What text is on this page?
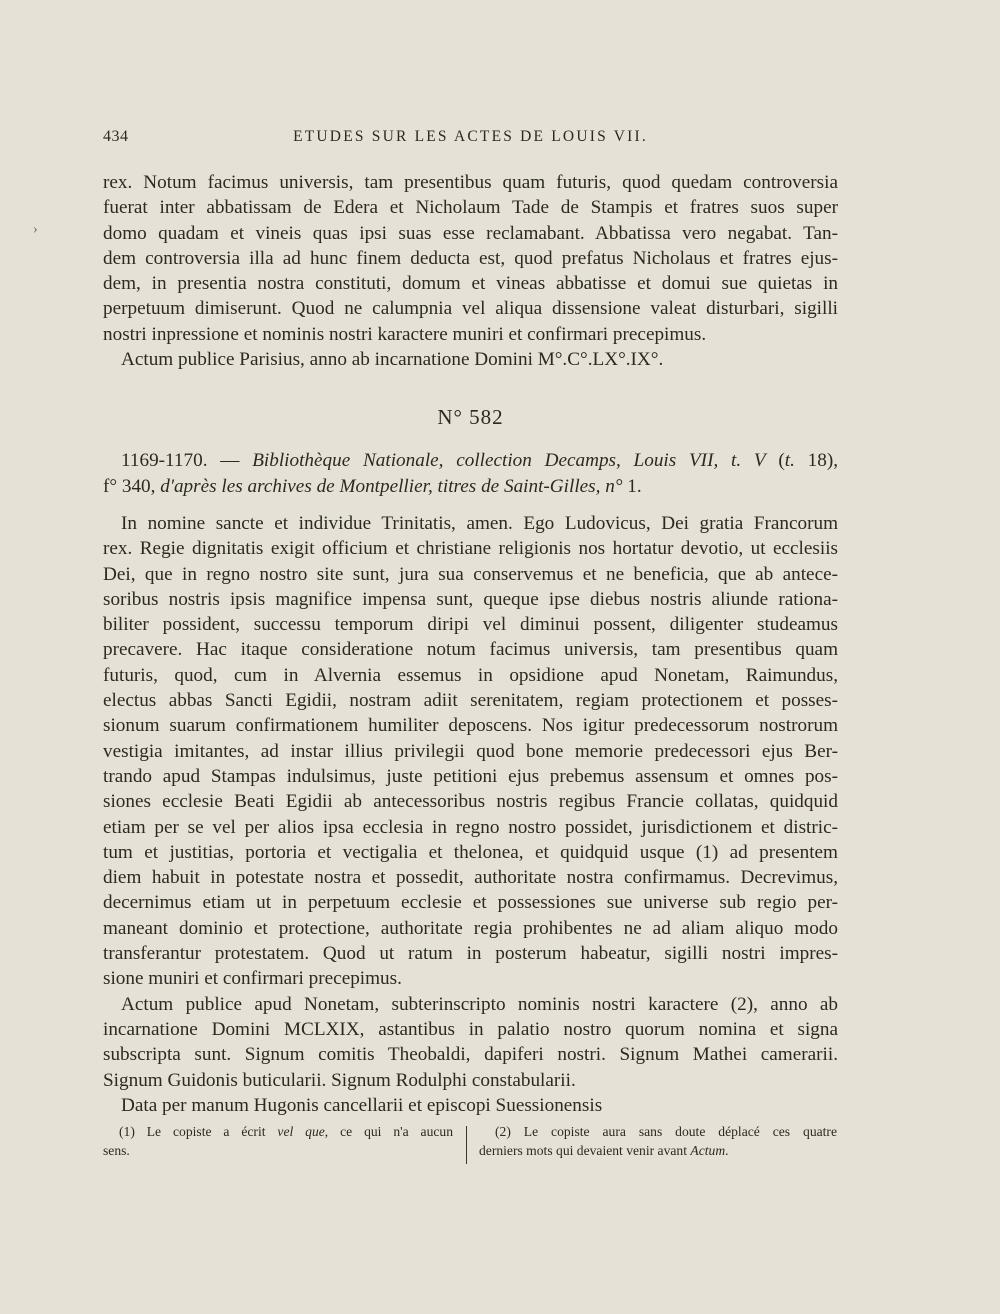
›
434	ETUDES SUR LES ACTES DE LOUIS VII.
rex. Notum facimus universis, tam presentibus quam futuris, quod quedam controversia
fuerat inter abbatissam de Edera et Nicholaum Tade de Stampis et fratres suos super
domo quadam et vineis quas ipsi suas esse reclamabant. Abbatissa vero negabat. Tan-
dem controversia illa ad hunc finem deducta est, quod prefatus Nicholaus et fratres ejus-
dem, in presentia nostra constituti, domum et vineas abbatisse et domui sue quietas in
perpetuum dimiserunt. Quod ne calumpnia vel aliqua dissensione valeat disturbari, sigilli
nostri inpressione et nominis nostri karactere muniri et confirmari precepimus.
Actum publice Parisius, anno ab incarnatione Domini M°.C°.LX°.IX°.
N° 582
1169-1170. — Bibliothèque Nationale, collection Decamps, Louis VII, t. V (t. 18),
f° 340, d'après les archives de Montpellier, titres de Saint-Gilles, n° 1.
In nomine sancte et individue Trinitatis, amen. Ego Ludovicus, Dei gratia Francorum
rex. Regie dignitatis exigit officium et christiane religionis nos hortatur devotio, ut ecclesiis
Dei, que in regno nostro site sunt, jura sua conservemus et ne beneficia, que ab antece-
soribus nostris ipsis magnifice impensa sunt, queque ipse diebus nostris aliunde rationa-
biliter possident, successu temporum diripi vel diminui possent, diligenter studeamus
precavere. Hac itaque consideratione notum facimus universis, tam presentibus quam
futuris, quod, cum in Alvernia essemus in opsidione apud Nonetam, Raimundus,
electus abbas Sancti Egidii, nostram adiit serenitatem, regiam protectionem et posses-
sionum suarum confirmationem humiliter deposcens. Nos igitur predecessorum nostrorum
vestigia imitantes, ad instar illius privilegii quod bone memorie predecessori ejus Ber-
trando apud Stampas indulsimus, juste petitioni ejus prebemus assensum et omnes pos-
siones ecclesie Beati Egidii ab antecessoribus nostris regibus Francie collatas, quidquid
etiam per se vel per alios ipsa ecclesia in regno nostro possidet, jurisdictionem et distric-
tum et justitias, portoria et vectigalia et thelonea, et quidquid usque (1) ad presentem
diem habuit in potestate nostra et possedit, authoritate nostra confirmamus. Decrevimus,
decernimus etiam ut in perpetuum ecclesie et possessiones sue universe sub regio per-
maneant dominio et protectione, authoritate regia prohibentes ne ad aliam aliquo modo
transferantur protestatem. Quod ut ratum in posterum habeatur, sigilli nostri impres-
sione muniri et confirmari precepimus.
Actum publice apud Nonetam, subterinscripto nominis nostri karactere (2), anno ab
incarnatione Domini MCLXIX, astantibus in palatio nostro quorum nomina et signa
subscripta sunt. Signum comitis Theobaldi, dapiferi nostri. Signum Mathei camerarii.
Signum Guidonis buticularii. Signum Rodulphi constabularii.
Data per manum Hugonis cancellarii et episcopi Suessionensis
(1) Le copiste a écrit vel que, ce qui n'a aucun
sens.
(2) Le copiste aura sans doute déplacé ces quatre
derniers mots qui devaient venir avant Actum.
